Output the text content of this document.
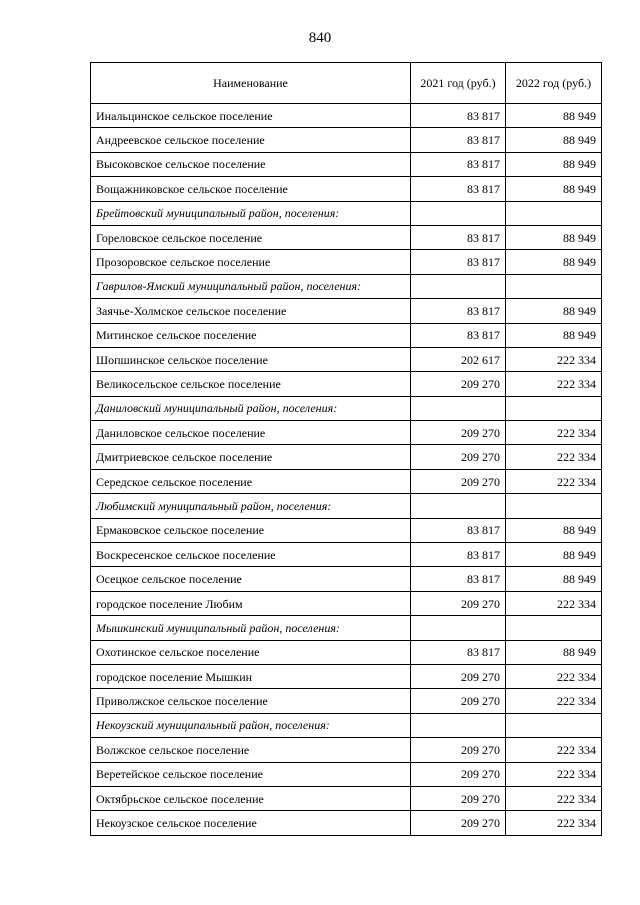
840
Наименование	2021 год (руб.)	2022 год (руб.)
Инальцинское сельское поселение	83 817	88 949
Андреевское сельское поселение	83 817	88 949
Высоковское сельское поселение	83 817	88 949
Вощажниковское сельское поселение	83 817	88 949
Брейтовский муниципальный район, поселения:		
Гореловское сельское поселение	83 817	88 949
Прозоровское сельское поселение	83 817	88 949
Гаврилов-Ямский муниципальный район, поселения:		
Заячье-Холмское сельское поселение	83 817	88 949
Митинское сельское поселение	83 817	88 949
Шопшинское сельское поселение	202 617	222 334
Великосельское сельское поселение	209 270	222 334
Даниловский муниципальный район, поселения:		
Даниловское сельское поселение	209 270	222 334
Дмитриевское сельское поселение	209 270	222 334
Середское сельское поселение	209 270	222 334
Любимский муниципальный район, поселения:		
Ермаковское сельское поселение	83 817	88 949
Воскресенское сельское поселение	83 817	88 949
Осецкое сельское поселение	83 817	88 949
городское поселение Любим	209 270	222 334
Мышкинский муниципальный район, поселения:		
Охотинское сельское поселение	83 817	88 949
городское поселение Мышкин	209 270	222 334
Приволжское сельское поселение	209 270	222 334
Некоузский муниципальный район, поселения:		
Волжское сельское поселение	209 270	222 334
Веретейское сельское поселение	209 270	222 334
Октябрьское сельское поселение	209 270	222 334
Некоузское сельское поселение	209 270	222 334
